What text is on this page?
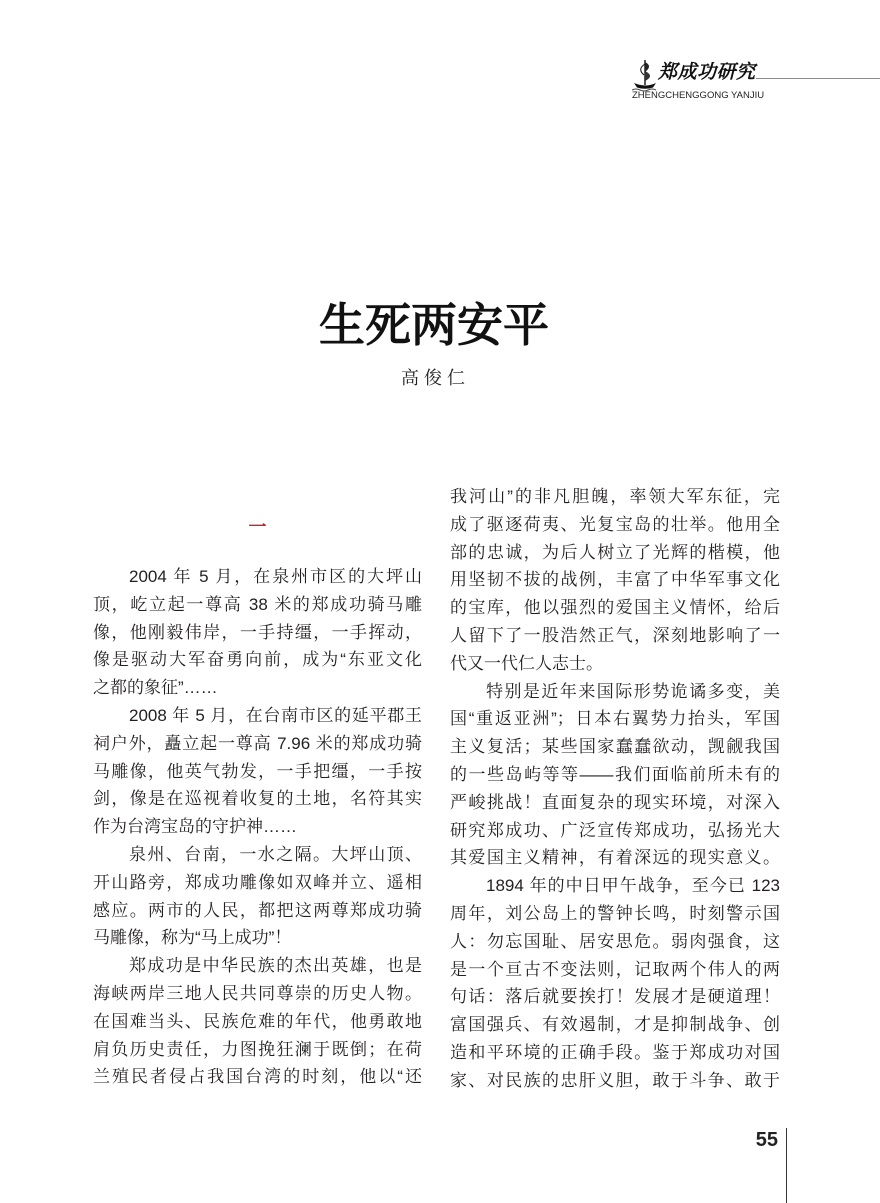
郑成功研究
ZHENGCHENGGONG YANJIU
生死两安平
高俊仁
一
2004 年 5 月，在泉州市区的大坪山
顶，屹立起一尊高 38 米的郑成功骑马雕
像，他刚毅伟岸，一手持缰，一手挥动，
像是驱动大军奋勇向前，成为“东亚文化
之都的象征”……
2008 年 5 月，在台南市区的延平郡王
祠户外，矗立起一尊高 7.96 米的郑成功骑
马雕像，他英气勃发，一手把缰，一手按
剑，像是在巡视着收复的土地，名符其实
作为台湾宝岛的守护神……
泉州、台南，一水之隔。大坪山顶、
开山路旁，郑成功雕像如双峰并立、遥相
感应。两市的人民，都把这两尊郑成功骑
马雕像，称为“马上成功”！
郑成功是中华民族的杰出英雄，也是
海峡两岸三地人民共同尊崇的历史人物。
在国难当头、民族危难的年代，他勇敢地
肩负历史责任，力图挽狂澜于既倒；在荷
兰殖民者侵占我国台湾的时刻，他以“还
我河山”的非凡胆魄，率领大军东征，完
成了驱逐荷夷、光复宝岛的壮举。他用全
部的忠诚，为后人树立了光辉的楷模，他
用坚韧不拔的战例，丰富了中华军事文化
的宝库，他以强烈的爱国主义情怀，给后
人留下了一股浩然正气，深刻地影响了一
代又一代仁人志士。
特别是近年来国际形势诡谲多变，美
国“重返亚洲”；日本右翼势力抬头，军国
主义复活；某些国家蠢蠢欲动，觊觎我国
的一些岛屿等等——我们面临前所未有的
严峻挑战！直面复杂的现实环境，对深入
研究郑成功、广泛宣传郑成功，弘扬光大
其爱国主义精神，有着深远的现实意义。
1894 年的中日甲午战争，至今已 123
周年，刘公岛上的警钟长鸣，时刻警示国
人：勿忘国耻、居安思危。弱肉强食，这
是一个亘古不变法则，记取两个伟人的两
句话：落后就要挨打！发展才是硬道理！
富国强兵、有效遏制，才是抑制战争、创
造和平环境的正确手段。鉴于郑成功对国
家、对民族的忠肝义胆，敢于斗争、敢于
55
